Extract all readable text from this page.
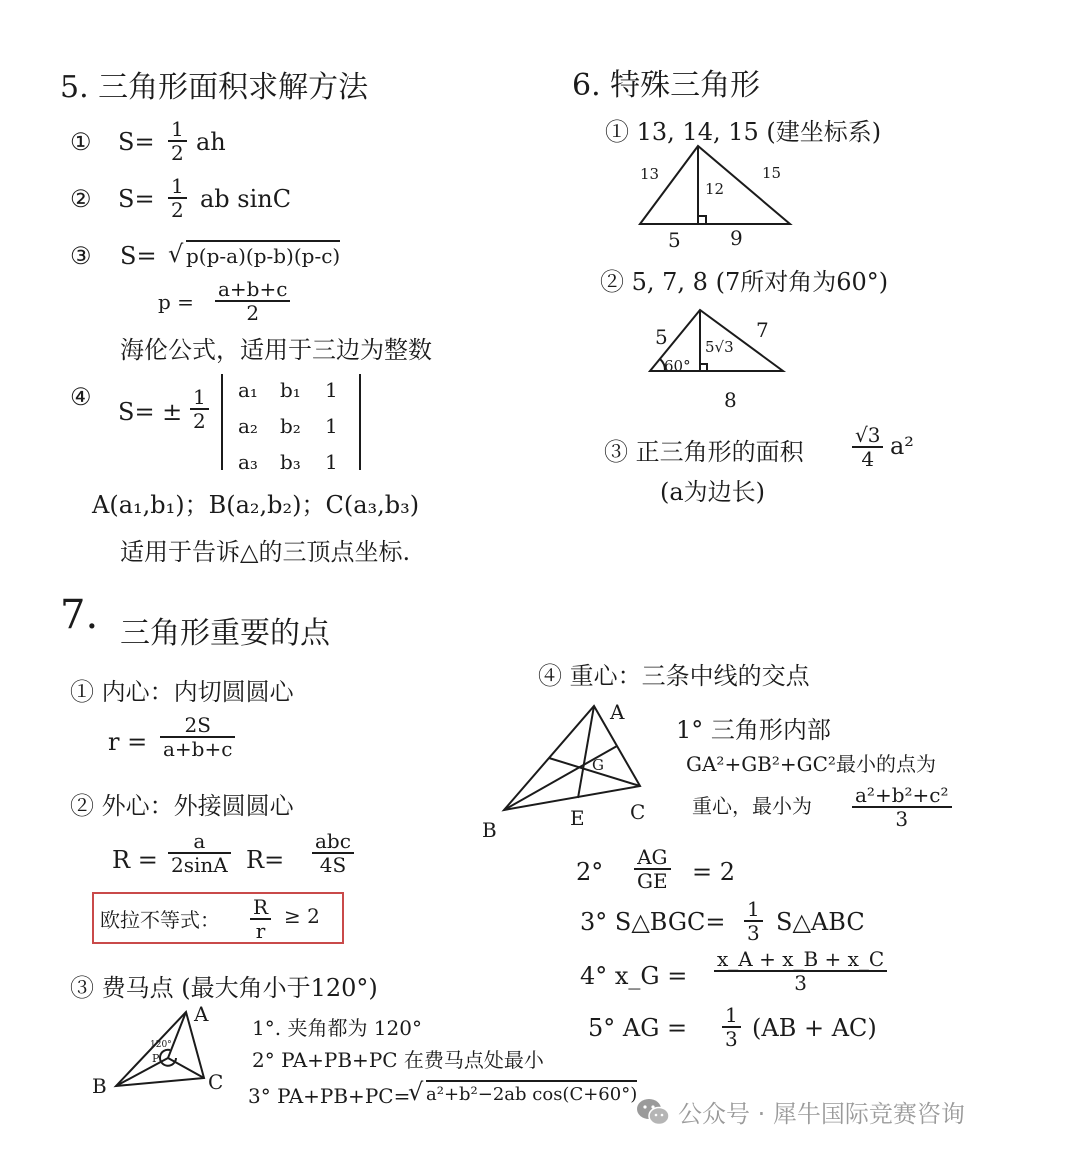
5. 三角形面积求解方法
① S= 1
2 ah
② S= 1
2 ab sinC
③ S= √ p(p-a)(p-b)(p-c)
p =
a+b+c
2
海伦公式，适用于三边为整数
④
S= ±
1
2
a₁ b₁ 1
a₂ b₂ 1
a₃ b₃ 1
A(a₁,b₁)；B(a₂,b₂)；C(a₃,b₃)
适用于告诉△的三顶点坐标.
6. 特殊三角形
① 13, 14, 15 (建坐标系)
13	15
12
5 9
② 5, 7, 8 (7所对角为60°)
5	7
5√3
60°
8
③ 正三角形的面积
√3
4 a²
(a为边长)
7. 三角形重要的点
① 内心：内切圆圆心
r =
2S
a+b+c
② 外心：外接圆圆心
R =
a
2sinA R=
abc
4S
欧拉不等式：
R
r
≥ 2
③ 费马点 (最大角小于120°)
A
B	C
P
120°
1°. 夹角都为 120°
2° PA+PB+PC 在费马点处最小
3° PA+PB+PC=
√ a²+b²−2ab cos(C+60°)
④ 重心：三条中线的交点
A
B
C
G
E
1° 三角形内部
GA²+GB²+GC²最小的点为
重心，最小为 a²+b²+c²
3
2°
AG
GE = 2
3° S△BGC= 1
3 S△ABC
4° x_G =
x_A + x_B + x_C
3
5° AG = 1
3 (AB + AC)
公众号 · 犀牛国际竞赛咨询
